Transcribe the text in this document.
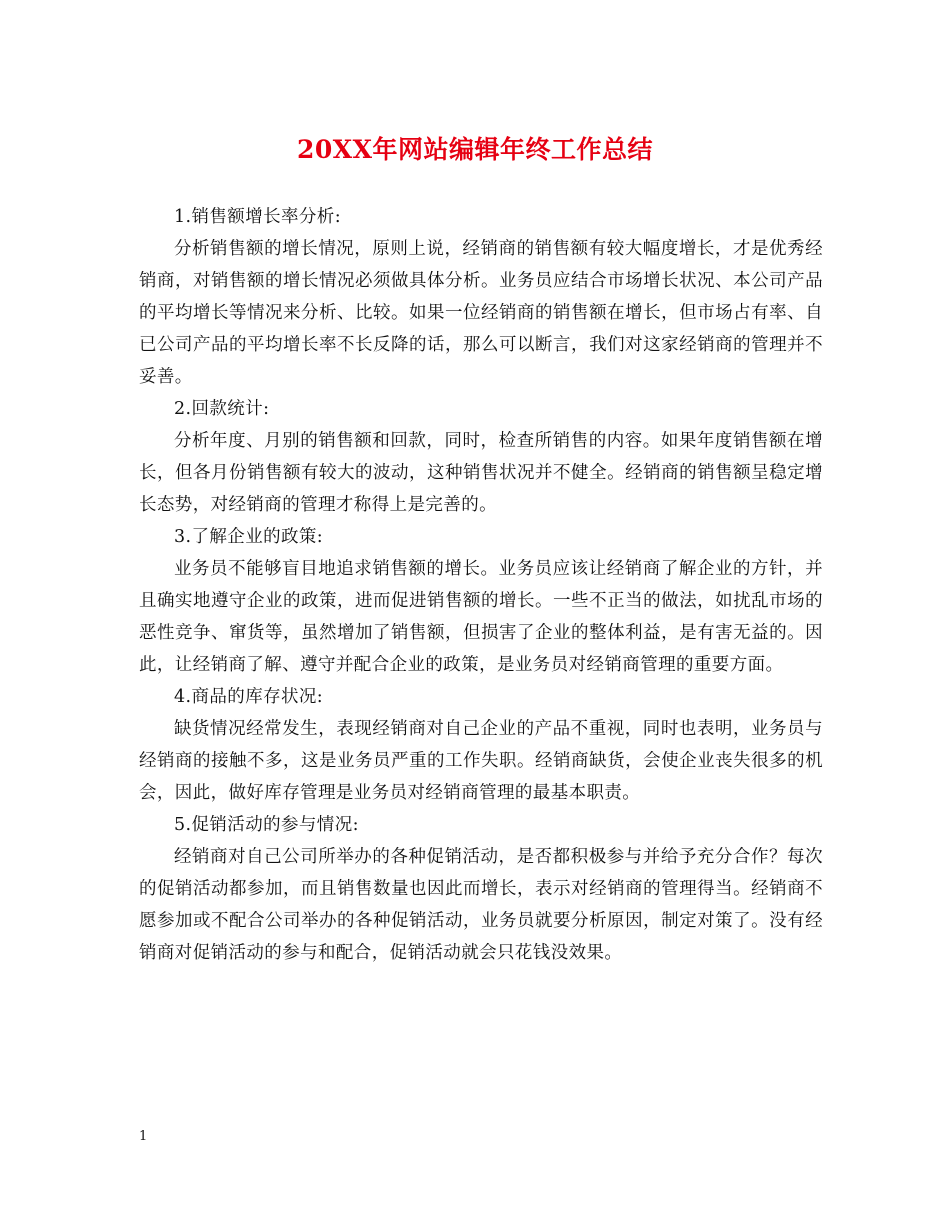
20XX年网站编辑年终工作总结

1.销售额增长率分析:

分析销售额的增长情况，原则上说，经销商的销售额有较大幅度增长，才是优秀经销商，对销售额的增长情况必须做具体分析。业务员应结合市场增长状况、本公司产品的平均增长等情况来分析、比较。如果一位经销商的销售额在增长，但市场占有率、自已公司产品的平均增长率不长反降的话，那么可以断言，我们对这家经销商的管理并不妥善。

2.回款统计:

分析年度、月别的销售额和回款，同时，检查所销售的内容。如果年度销售额在增长，但各月份销售额有较大的波动，这种销售状况并不健全。经销商的销售额呈稳定增长态势，对经销商的管理才称得上是完善的。

3.了解企业的政策:

业务员不能够盲目地追求销售额的增长。业务员应该让经销商了解企业的方针，并且确实地遵守企业的政策，进而促进销售额的增长。一些不正当的做法，如扰乱市场的恶性竞争、窜货等，虽然增加了销售额，但损害了企业的整体利益，是有害无益的。因此，让经销商了解、遵守并配合企业的政策，是业务员对经销商管理的重要方面。

4.商品的库存状况:

缺货情况经常发生，表现经销商对自己企业的产品不重视，同时也表明，业务员与经销商的接触不多，这是业务员严重的工作失职。经销商缺货，会使企业丧失很多的机会，因此，做好库存管理是业务员对经销商管理的最基本职责。

5.促销活动的参与情况:

经销商对自己公司所举办的各种促销活动，是否都积极参与并给予充分合作？每次的促销活动都参加，而且销售数量也因此而增长，表示对经销商的管理得当。经销商不愿参加或不配合公司举办的各种促销活动，业务员就要分析原因，制定对策了。没有经销商对促销活动的参与和配合，促销活动就会只花钱没效果。

1
